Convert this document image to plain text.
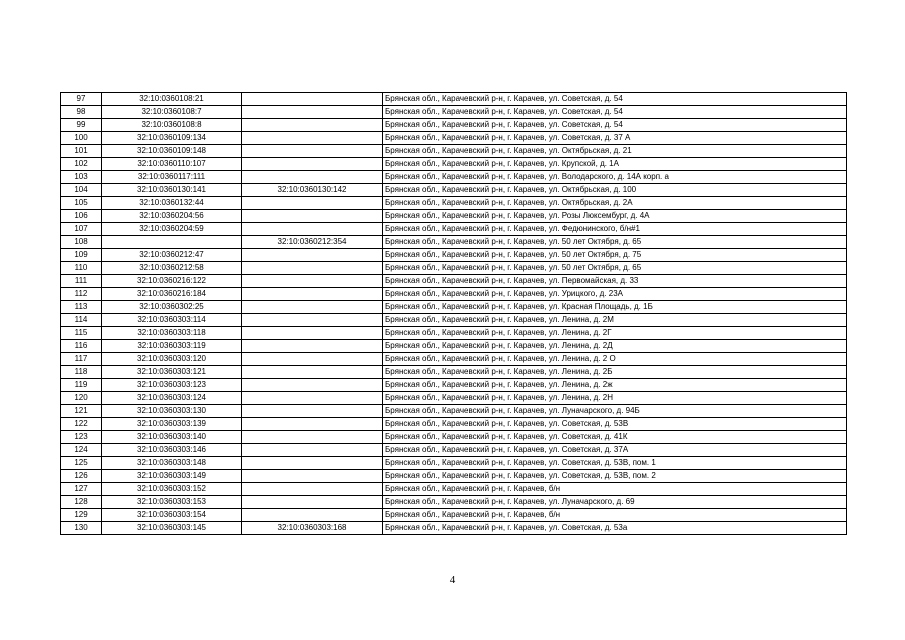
97	32:10:0360108:21		Брянская обл., Карачевский р-н, г. Карачев, ул. Советская, д. 54
98	32:10:0360108:7		Брянская обл., Карачевский р-н, г. Карачев, ул. Советская, д. 54
99	32:10:0360108:8		Брянская обл., Карачевский р-н, г. Карачев, ул. Советская, д. 54
100	32:10:0360109:134		Брянская обл., Карачевский р-н, г. Карачев, ул. Советская, д. 37 А
101	32:10:0360109:148		Брянская обл., Карачевский р-н, г. Карачев, ул. Октябрьская, д. 21
102	32:10:0360110:107		Брянская обл., Карачевский р-н, г. Карачев, ул. Крупской, д. 1А
103	32:10:0360117:111		Брянская обл., Карачевский р-н, г. Карачев, ул. Володарского, д. 14А корп. а
104	32:10:0360130:141	32:10:0360130:142	Брянская обл., Карачевский р-н, г. Карачев, ул. Октябрьская, д. 100
105	32:10:0360132:44		Брянская обл., Карачевский р-н, г. Карачев, ул. Октябрьская, д. 2А
106	32:10:0360204:56		Брянская обл., Карачевский р-н, г. Карачев, ул. Розы Люксембург, д. 4А
107	32:10:0360204:59		Брянская обл., Карачевский р-н, г. Карачев, ул. Федюнинского, б/н#1
108		32:10:0360212:354	Брянская обл., Карачевский р-н, г. Карачев, ул. 50 лет Октября, д. 65
109	32:10:0360212:47		Брянская обл., Карачевский р-н, г. Карачев, ул. 50 лет Октября, д. 75
110	32:10:0360212:58		Брянская обл., Карачевский р-н, г. Карачев, ул. 50 лет Октября, д. 65
111	32:10:0360216:122		Брянская обл., Карачевский р-н, г. Карачев, ул. Первомайская, д. 33
112	32:10:0360216:184		Брянская обл., Карачевский р-н, г. Карачев, ул. Урицкого, д. 23А
113	32:10:0360302:25		Брянская обл., Карачевский р-н, г. Карачев, ул. Красная Площадь, д. 1Б
114	32:10:0360303:114		Брянская обл., Карачевский р-н, г. Карачев, ул. Ленина, д. 2М
115	32:10:0360303:118		Брянская обл., Карачевский р-н, г. Карачев, ул. Ленина, д. 2Г
116	32:10:0360303:119		Брянская обл., Карачевский р-н, г. Карачев, ул. Ленина, д. 2Д
117	32:10:0360303:120		Брянская обл., Карачевский р-н, г. Карачев, ул. Ленина, д. 2 О
118	32:10:0360303:121		Брянская обл., Карачевский р-н, г. Карачев, ул. Ленина, д. 2Б
119	32:10:0360303:123		Брянская обл., Карачевский р-н, г. Карачев, ул. Ленина, д. 2ж
120	32:10:0360303:124		Брянская обл., Карачевский р-н, г. Карачев, ул. Ленина, д. 2Н
121	32:10:0360303:130		Брянская обл., Карачевский р-н, г. Карачев, ул. Луначарского, д. 94Б
122	32:10:0360303:139		Брянская обл., Карачевский р-н, г. Карачев, ул. Советская, д. 53В
123	32:10:0360303:140		Брянская обл., Карачевский р-н, г. Карачев, ул. Советская, д. 41К
124	32:10:0360303:146		Брянская обл., Карачевский р-н, г. Карачев, ул. Советская, д. 37А
125	32:10:0360303:148		Брянская обл., Карачевский р-н, г. Карачев, ул. Советская, д. 53В, пом. 1
126	32:10:0360303:149		Брянская обл., Карачевский р-н, г. Карачев, ул. Советская, д. 53В, пом. 2
127	32:10:0360303:152		Брянская обл., Карачевский р-н, г. Карачев, б/н
128	32:10:0360303:153		Брянская обл., Карачевский р-н, г. Карачев, ул. Луначарского, д. 69
129	32:10:0360303:154		Брянская обл., Карачевский р-н, г. Карачев, б/н
130	32:10:0360303:145	32:10:0360303:168	Брянская обл., Карачевский р-н, г. Карачев, ул. Советская, д. 53а
4
